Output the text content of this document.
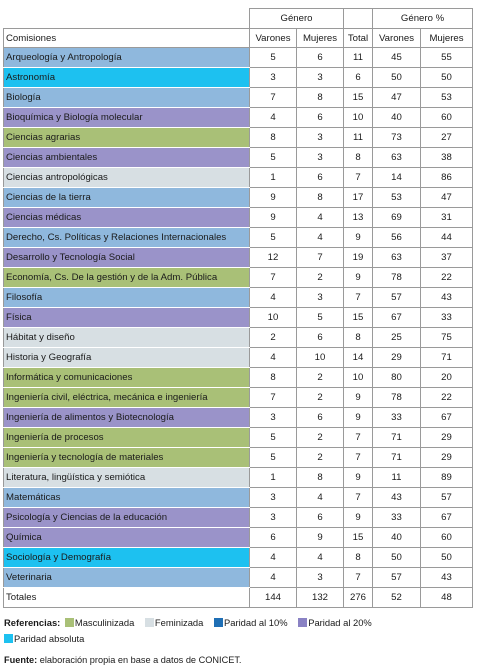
	Género			Género %	
Comisiones	Varones	Mujeres	Total	Varones	Mujeres
Arqueología y Antropología	5	6	11	45	55
Astronomía	3	3	6	50	50
Biología	7	8	15	47	53
Bioquímica y Biología molecular	4	6	10	40	60
Ciencias agrarias	8	3	11	73	27
Ciencias ambientales	5	3	8	63	38
Ciencias antropológicas	1	6	7	14	86
Ciencias de la tierra	9	8	17	53	47
Ciencias médicas	9	4	13	69	31
Derecho, Cs. Políticas y Relaciones Internacionales	5	4	9	56	44
Desarrollo y Tecnología Social	12	7	19	63	37
Economía, Cs. De la gestión y de la Adm. Pública	7	2	9	78	22
Filosofía	4	3	7	57	43
Física	10	5	15	67	33
Hábitat y diseño	2	6	8	25	75
Historia y Geografía	4	10	14	29	71
Informática y comunicaciones	8	2	10	80	20
Ingeniería civil, eléctrica, mecánica e ingeniería	7	2	9	78	22
Ingeniería de alimentos y Biotecnología	3	6	9	33	67
Ingeniería de procesos	5	2	7	71	29
Ingeniería y tecnología de materiales	5	2	7	71	29
Literatura, lingüística y semiótica	1	8	9	11	89
Matemáticas	3	4	7	43	57
Psicología y Ciencias de la educación	3	6	9	33	67
Química	6	9	15	40	60
Sociología y Demografía	4	4	8	50	50
Veterinaria	4	3	7	57	43
Totales	144	132	276	52	48
Referencias: Masculinizada Feminizada Paridad al 10% Paridad al 20%
Paridad absoluta
Fuente: elaboración propia en base a datos de CONICET.
